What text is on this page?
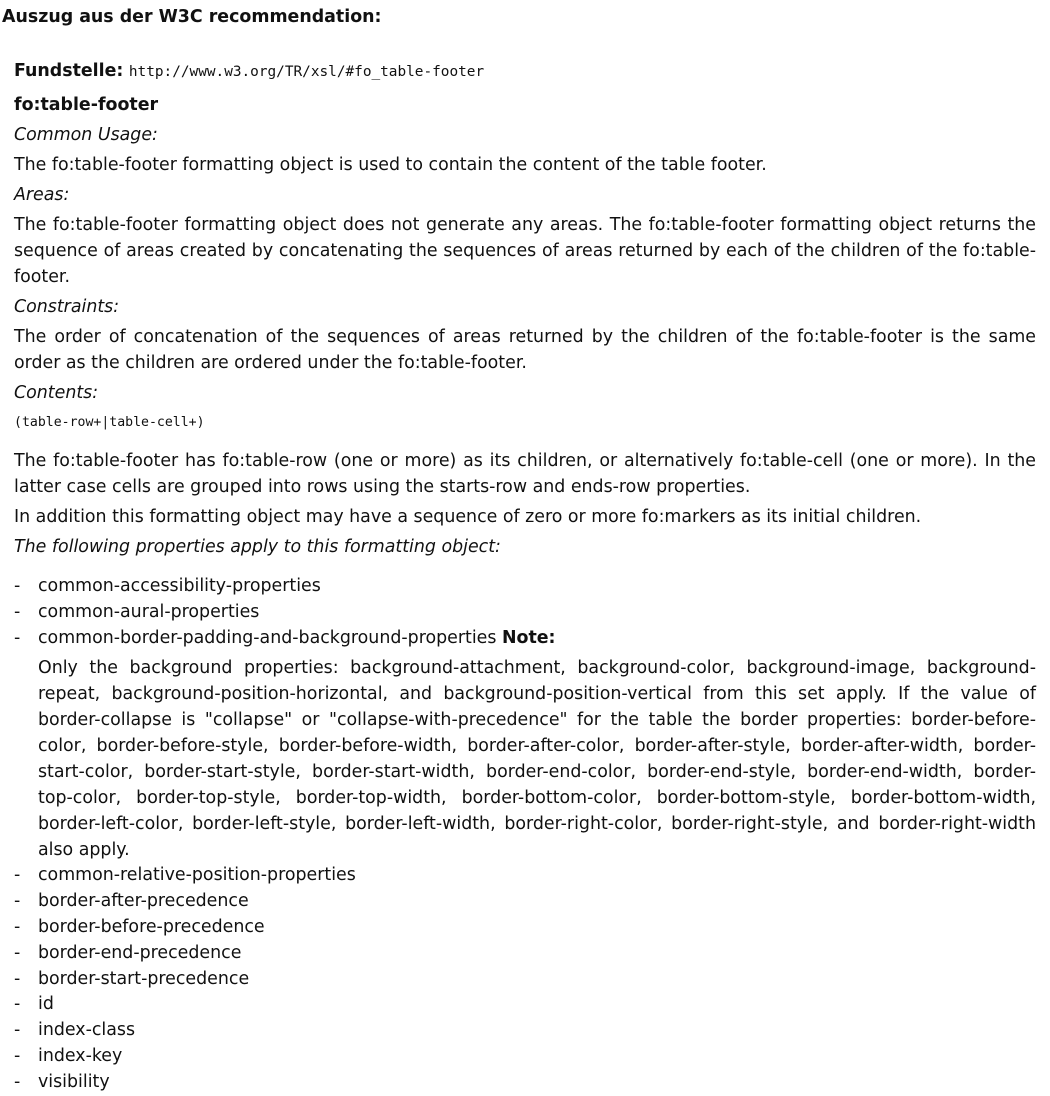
Auszug aus der W3C recommendation:

Fundstelle: http://www.w3.org/TR/xsl/#fo_table-footer

fo:table-footer

Common Usage:

The fo:table-footer formatting object is used to contain the content of the table footer.

Areas:

The fo:table-footer formatting object does not generate any areas. The fo:table-footer formatting object returns the sequence of areas created by concatenating the sequences of areas returned by each of the children of the fo:table-footer.

Constraints:

The order of concatenation of the sequences of areas returned by the children of the fo:table-footer is the same order as the children are ordered under the fo:table-footer.

Contents:

(table-row+|table-cell+)

The fo:table-footer has fo:table-row (one or more) as its children, or alternatively fo:table-cell (one or more). In the latter case cells are grouped into rows using the starts-row and ends-row properties.

In addition this formatting object may have a sequence of zero or more fo:markers as its initial children.

The following properties apply to this formatting object:

- common-accessibility-properties
- common-aural-properties
- common-border-padding-and-background-properties Note:

Only the background properties: background-attachment, background-color, background-image, background-repeat, background-position-horizontal, and background-position-vertical from this set apply. If the value of border-collapse is "collapse" or "collapse-with-precedence" for the table the border properties: border-before-color, border-before-style, border-before-width, border-after-color, border-after-style, border-after-width, border-start-color, border-start-style, border-start-width, border-end-color, border-end-style, border-end-width, border-top-color, border-top-style, border-top-width, border-bottom-color, border-bottom-style, border-bottom-width, border-left-color, border-left-style, border-left-width, border-right-color, border-right-style, and border-right-width also apply.

- common-relative-position-properties
- border-after-precedence
- border-before-precedence
- border-end-precedence
- border-start-precedence
- id
- index-class
- index-key
- visibility
